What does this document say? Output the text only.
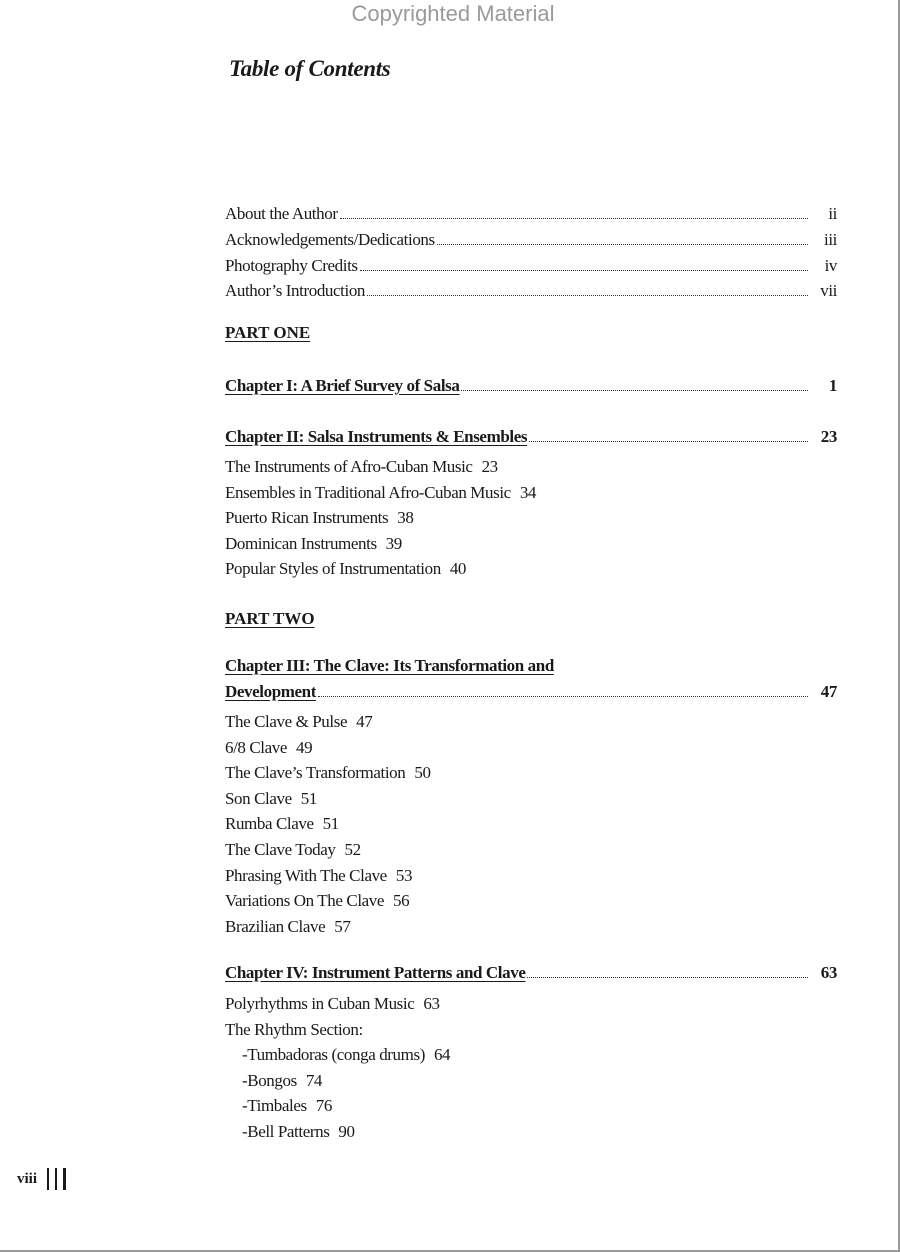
Copyrighted Material
Table of Contents
About the Author	ii
Acknowledgements/Dedications	iii
Photography Credits	iv
Author’s Introduction	vii
PART ONE
Chapter I: A Brief Survey of Salsa	1
Chapter II: Salsa Instruments & Ensembles	23
The Instruments of Afro-Cuban Music 23
Ensembles in Traditional Afro-Cuban Music 34
Puerto Rican Instruments 38
Dominican Instruments 39
Popular Styles of Instrumentation 40
PART TWO
Chapter III: The Clave: Its Transformation and
Development	47
The Clave & Pulse 47
6/8 Clave 49
The Clave’s Transformation 50
Son Clave 51
Rumba Clave 51
The Clave Today 52
Phrasing With The Clave 53
Variations On The Clave 56
Brazilian Clave 57
Chapter IV: Instrument Patterns and Clave	63
Polyrhythms in Cuban Music 63
The Rhythm Section:
-Tumbadoras (conga drums) 64
-Bongos 74
-Timbales 76
-Bell Patterns 90
viii
